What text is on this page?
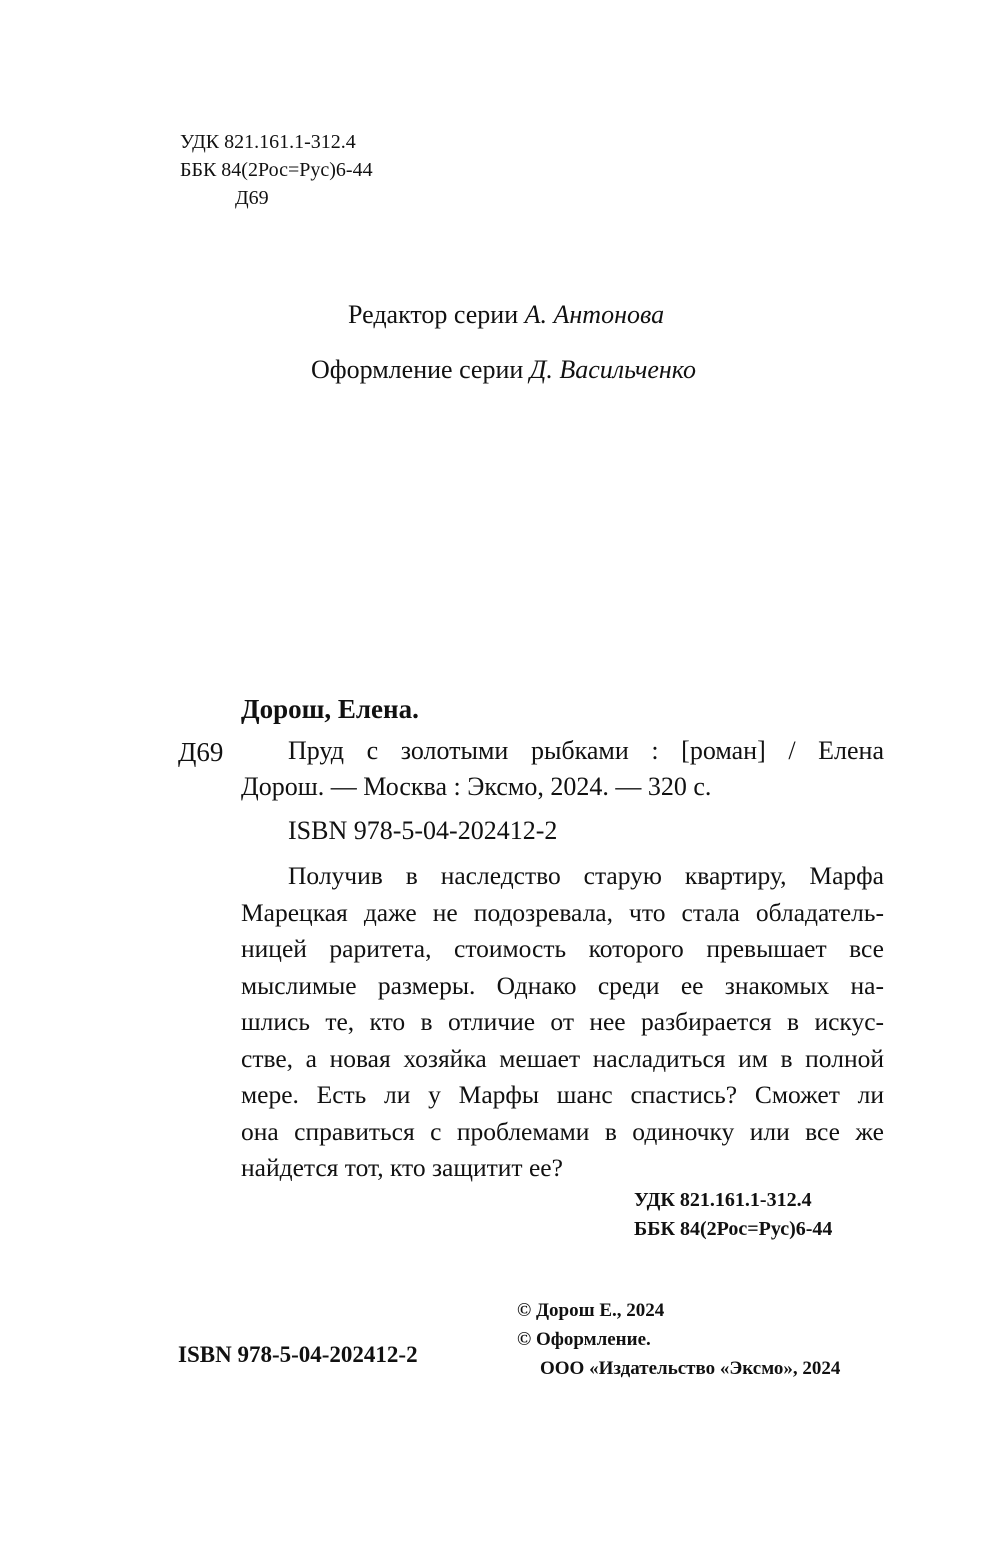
УДК 821.161.1-312.4
ББК 84(2Рос=Рус)6-44
Д69
Редактор серии А. Антонова
Оформление серии Д. Васильченко
Дорош, Елена.
Д69	Пруд с золотыми рыбками : [роман] / Елена
Дорош. — Москва : Эксмо, 2024. — 320 с.
ISBN 978-5-04-202412-2
Получив в наследство старую квартиру, Марфа
Марецкая даже не подозревала, что стала обладатель-
ницей раритета, стоимость которого превышает все
мыслимые размеры. Однако среди ее знакомых на-
шлись те, кто в отличие от нее разбирается в искус-
стве, а новая хозяйка мешает насладиться им в полной
мере. Есть ли у Марфы шанс спастись? Сможет ли
она справиться с проблемами в одиночку или все же
найдется тот, кто защитит ее?
УДК 821.161.1-312.4
ББК 84(2Рос=Рус)6-44
© Дорош Е., 2024
© Оформление.
ООО «Издательство «Эксмо», 2024
ISBN 978-5-04-202412-2
